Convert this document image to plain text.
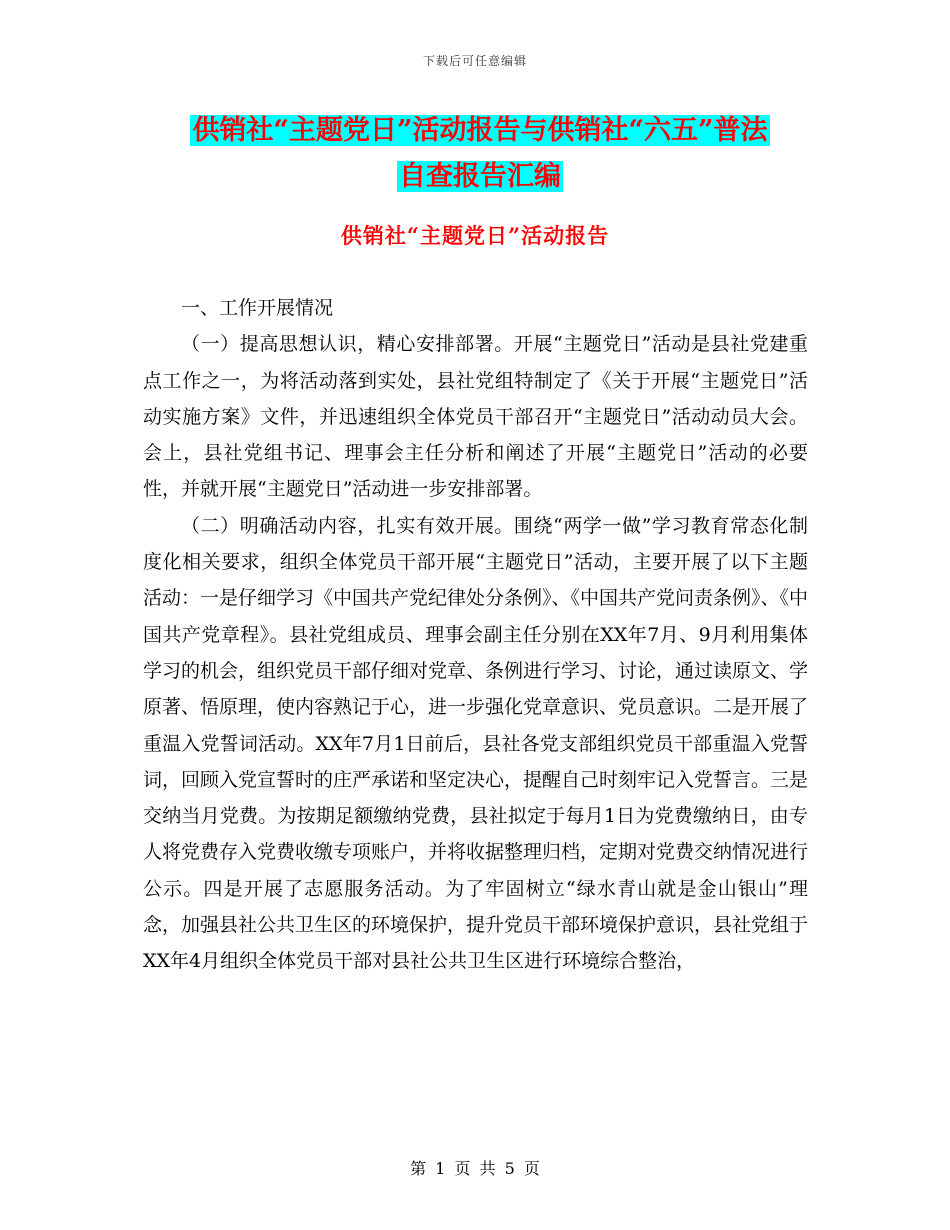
下载后可任意编辑
供销社“主题党日”活动报告与供销社“六五”普法
自查报告汇编
供销社“主题党日”活动报告

一、工作开展情况

（一）提高思想认识，精心安排部署。开展“主题党日”活动是县社党建重点工作之一，为将活动落到实处，县社党组特制定了《关于开展“主题党日”活动实施方案》文件，并迅速组织全体党员干部召开“主题党日”活动动员大会。会上，县社党组书记、理事会主任分析和阐述了开展“主题党日”活动的必要性，并就开展“主题党日”活动进一步安排部署。

（二）明确活动内容，扎实有效开展。围绕“两学一做”学习教育常态化制度化相关要求，组织全体党员干部开展“主题党日”活动，主要开展了以下主题活动：一是仔细学习《中国共产党纪律处分条例》、《中国共产党问责条例》、《中国共产党章程》。县社党组成员、理事会副主任分别在XX年7月、9月利用集体学习的机会，组织党员干部仔细对党章、条例进行学习、讨论，通过读原文、学原著、悟原理，使内容熟记于心，进一步强化党章意识、党员意识。二是开展了重温入党誓词活动。XX年7月1日前后，县社各党支部组织党员干部重温入党誓词，回顾入党宣誓时的庄严承诺和坚定决心，提醒自己时刻牢记入党誓言。三是交纳当月党费。为按期足额缴纳党费，县社拟定于每月1日为党费缴纳日，由专人将党费存入党费收缴专项账户，并将收据整理归档，定期对党费交纳情况进行公示。四是开展了志愿服务活动。为了牢固树立“绿水青山就是金山银山”理念，加强县社公共卫生区的环境保护，提升党员干部环境保护意识，县社党组于XX年4月组织全体党员干部对县社公共卫生区进行环境综合整治，

第 1 页 共 5 页
